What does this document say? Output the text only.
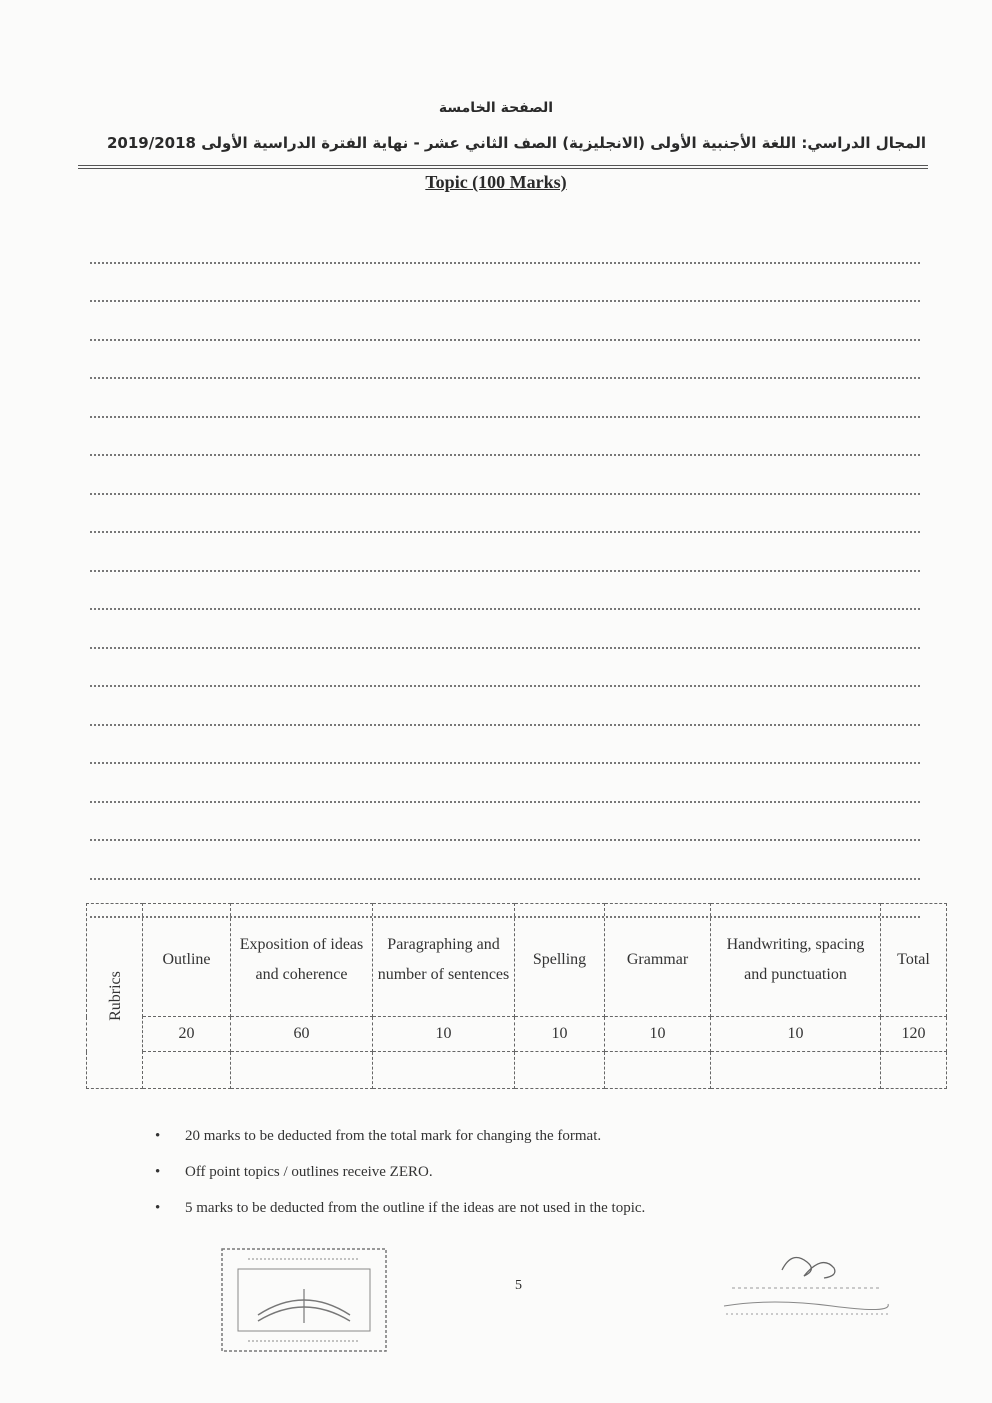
الصفحة الخامسة
المجال الدراسي: اللغة الأجنبية الأولى (الانجليزية) الصف الثاني عشر - نهاية الفترة الدراسية الأولى 2019/2018
Topic (100 Marks)
Rubrics	Outline	Exposition of ideas and coherence	Paragraphing and number of sentences	Spelling	Grammar	Handwriting, spacing and punctuation	Total
	20	60	10	10	10	10	120

• 20 marks to be deducted from the total mark for changing the format.
• Off point topics / outlines receive ZERO.
• 5 marks to be deducted from the outline if the ideas are not used in the topic.
5
